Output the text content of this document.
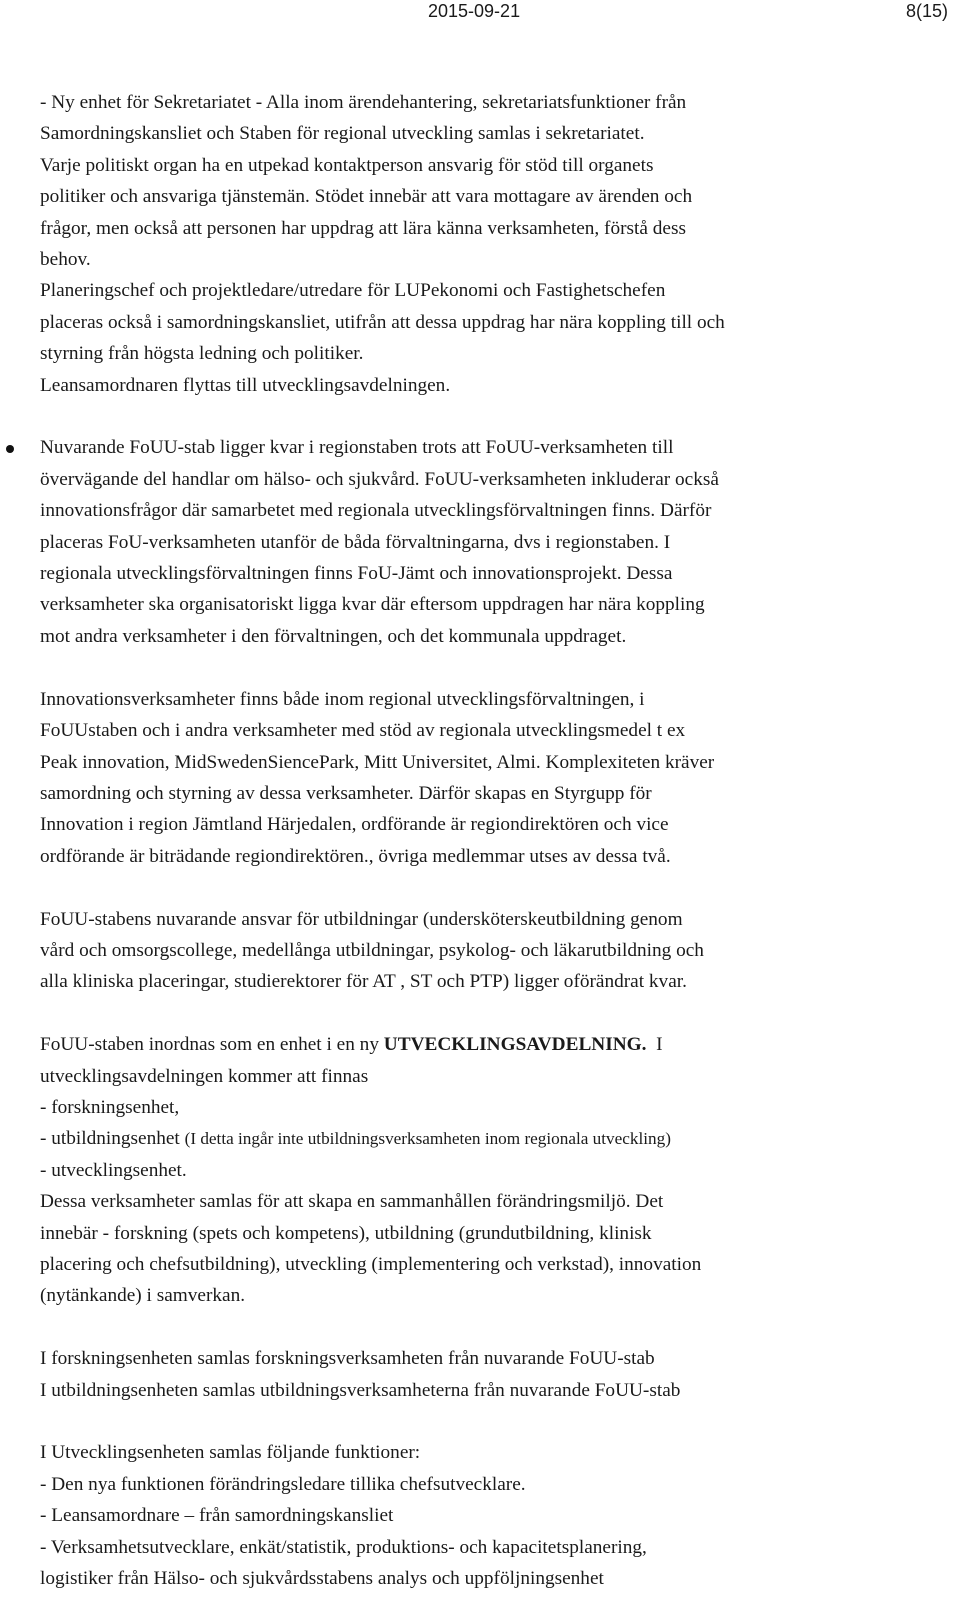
2015-09-21	8(15)
- Ny enhet för Sekretariatet - Alla inom ärendehantering, sekretariatsfunktioner från
Samordningskansliet och Staben för regional utveckling samlas i sekretariatet.
Varje politiskt organ ha en utpekad kontaktperson ansvarig för stöd till organets
politiker och ansvariga tjänstemän. Stödet innebär att vara mottagare av ärenden och
frågor, men också att personen har uppdrag att lära känna verksamheten, förstå dess
behov.
Planeringschef och projektledare/utredare för LUPekonomi och Fastighetschefen
placeras också i samordningskansliet, utifrån att dessa uppdrag har nära koppling till och
styrning från högsta ledning och politiker.
Leansamordnaren flyttas till utvecklingsavdelningen.
Nuvarande FoUU-stab ligger kvar i regionstaben trots att FoUU-verksamheten till
övervägande del handlar om hälso- och sjukvård. FoUU-verksamheten inkluderar också
innovationsfrågor där samarbetet med regionala utvecklingsförvaltningen finns. Därför
placeras FoU-verksamheten utanför de båda förvaltningarna, dvs i regionstaben. I
regionala utvecklingsförvaltningen finns FoU-Jämt och innovationsprojekt. Dessa
verksamheter ska organisatoriskt ligga kvar där eftersom uppdragen har nära koppling
mot andra verksamheter i den förvaltningen, och det kommunala uppdraget.
Innovationsverksamheter finns både inom regional utvecklingsförvaltningen, i
FoUUstaben och i andra verksamheter med stöd av regionala utvecklingsmedel t ex
Peak innovation, MidSwedenSiencePark, Mitt Universitet, Almi. Komplexiteten kräver
samordning och styrning av dessa verksamheter. Därför skapas en Styrgupp för
Innovation i region Jämtland Härjedalen, ordförande är regiondirektören och vice
ordförande är biträdande regiondirektören., övriga medlemmar utses av dessa två.
FoUU-stabens nuvarande ansvar för utbildningar (undersköterskeutbildning genom
vård och omsorgscollege, medellånga utbildningar, psykolog- och läkarutbildning och
alla kliniska placeringar, studierektorer för AT , ST och PTP) ligger oförändrat kvar.
FoUU-staben inordnas som en enhet i en ny UTVECKLINGSAVDELNING.  I
utvecklingsavdelningen kommer att finnas
- forskningsenhet,
- utbildningsenhet (I detta ingår inte utbildningsverksamheten inom regionala utveckling)
- utvecklingsenhet.
Dessa verksamheter samlas för att skapa en sammanhållen förändringsmiljö. Det
innebär - forskning (spets och kompetens), utbildning (grundutbildning, klinisk
placering och chefsutbildning), utveckling (implementering och verkstad), innovation
(nytänkande) i samverkan.
I forskningsenheten samlas forskningsverksamheten från nuvarande FoUU-stab
I utbildningsenheten samlas utbildningsverksamheterna från nuvarande FoUU-stab
I Utvecklingsenheten samlas följande funktioner:
- Den nya funktionen förändringsledare tillika chefsutvecklare.
- Leansamordnare – från samordningskansliet
- Verksamhetsutvecklare, enkät/statistik, produktions- och kapacitetsplanering,
logistiker från Hälso- och sjukvårdsstabens analys och uppföljningsenhet
